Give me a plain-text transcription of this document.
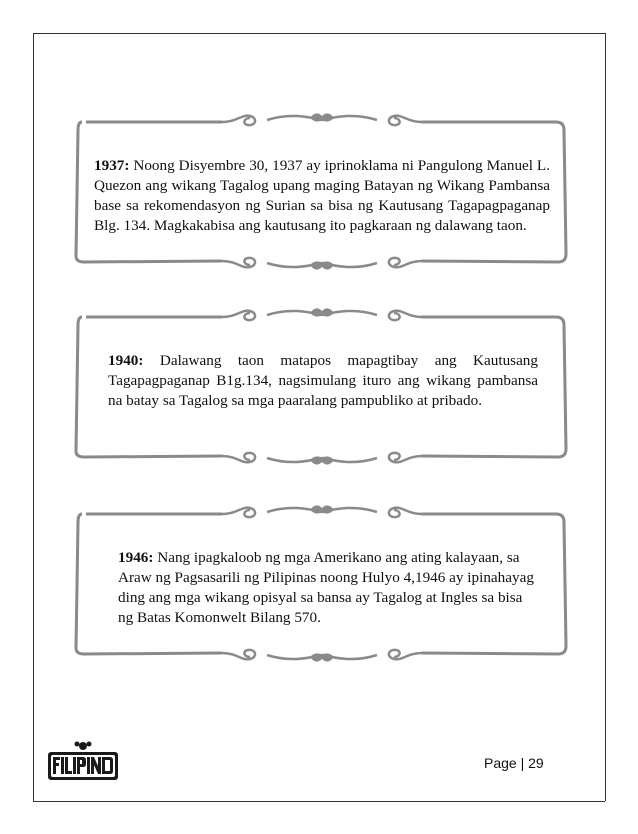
1937: Noong Disyembre 30, 1937 ay iprinoklama ni Pangulong Manuel L. Quezon ang wikang Tagalog upang maging Batayan ng Wikang Pambansa base sa rekomendasyon ng Surian sa bisa ng Kautusang Tagapagpaganap Blg. 134. Magkakabisa ang kautusang ito pagkaraan ng dalawang taon.
1940: Dalawang taon matapos mapagtibay ang Kautusang Tagapagpaganap B1g.134, nagsimulang ituro ang wikang pambansa na batay sa Tagalog sa mga paaralang pampubliko at pribado.
1946: Nang ipagkaloob ng mga Amerikano ang ating kalayaan, sa Araw ng Pagsasarili ng Pilipinas noong Hulyo 4,1946 ay ipinahayag ding ang mga wikang opisyal sa bansa ay Tagalog at Ingles sa bisa ng Batas Komonwelt Bilang 570.
Page | 29
